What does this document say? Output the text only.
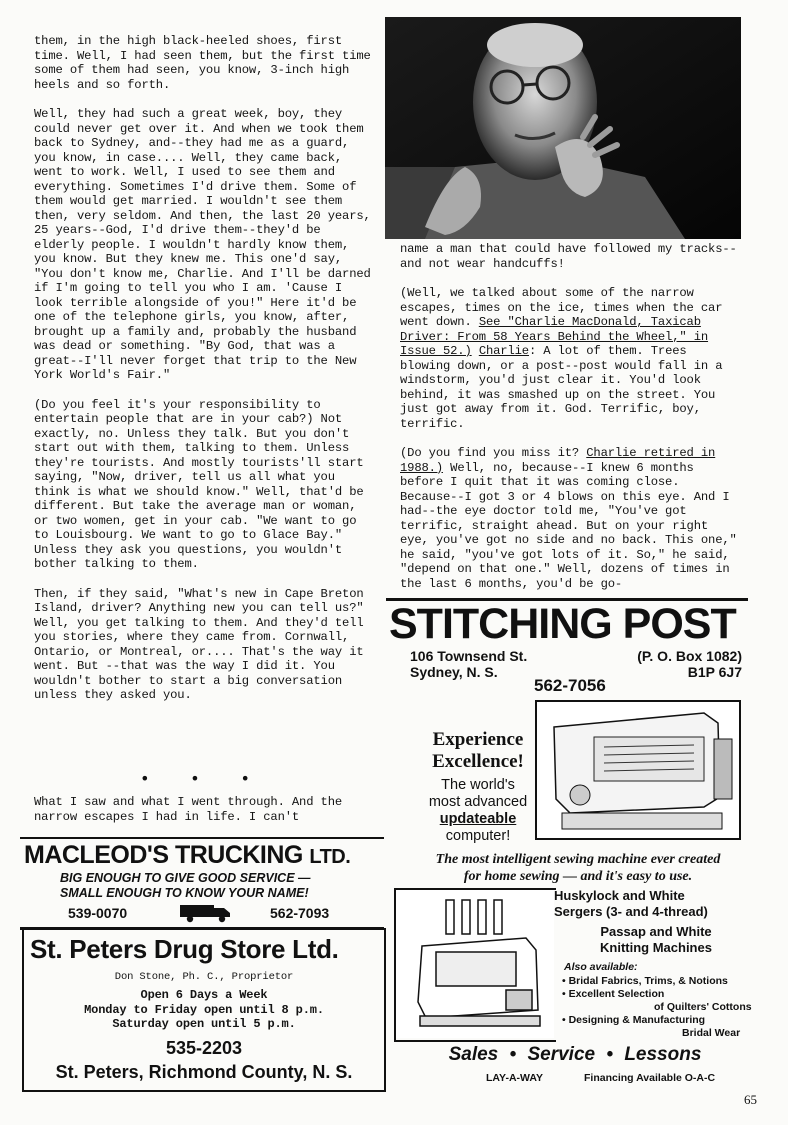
them, in the high black-heeled shoes, first time. Well, I had seen them, but the first time some of them had seen, you know, 3-inch high heels and so forth.

Well, they had such a great week, boy, they could never get over it. And when we took them back to Sydney, and--they had me as a guard, you know, in case.... Well, they came back, went to work. Well, I used to see them and everything. Sometimes I'd drive them. Some of them would get married. I wouldn't see them then, very seldom. And then, the last 20 years, 25 years--God, I'd drive them--they'd be elderly people. I wouldn't hardly know them, you know. But they knew me. This one'd say, "You don't know me, Charlie. And I'll be darned if I'm going to tell you who I am. 'Cause I look terrible alongside of you!" Here it'd be one of the telephone girls, you know, after, brought up a family and, probably the husband was dead or something. "By God, that was a great--I'll never forget that trip to the New York World's Fair."

(Do you feel it's your responsibility to entertain people that are in your cab?) Not exactly, no. Unless they talk. But you don't start out with them, talking to them. Unless they're tourists. And mostly tourists'll start saying, "Now, driver, tell us all what you think is what we should know." Well, that'd be different. But take the average man or woman, or two women, get in your cab. "We want to go to Louisbourg. We want to go to Glace Bay." Unless they ask you questions, you wouldn't bother talking to them.

Then, if they said, "What's new in Cape Breton Island, driver? Anything new you can tell us?" Well, you get talking to them. And they'd tell you stories, where they came from. Cornwall, Ontario, or Montreal, or.... That's the way it went. But --that was the way I did it. You wouldn't bother to start a big conversation unless they asked you.

•	•	•

What I saw and what I went through. And the narrow escapes I had in life. I can't

name a man that could have followed my tracks--and not wear handcuffs!

(Well, we talked about some of the narrow escapes, times on the ice, times when the car went down. See "Charlie MacDonald, Taxicab Driver: From 58 Years Behind the Wheel," in Issue 52.) Charlie: A lot of them. Trees blowing down, or a post--post would fall in a windstorm, you'd just clear it. You'd look behind, it was smashed up on the street. You just got away from it. God. Terrific, boy, terrific.

(Do you find you miss it? Charlie retired in 1988.) Well, no, because--I knew 6 months before I quit that it was coming close. Because--I got 3 or 4 blows on this eye. And I had--the eye doctor told me, "You've got terrific, straight ahead. But on your right eye, you've got no side and no back. This one," he said, "you've got lots of it. So," he said, "depend on that one." Well, dozens of times in the last 6 months, you'd be go-

MACLEOD'S TRUCKING LTD.
BIG ENOUGH TO GIVE GOOD SERVICE —
SMALL ENOUGH TO KNOW YOUR NAME!
539-0070	562-7093
St. Peters Drug Store Ltd.
Don Stone, Ph. C., Proprietor
Open 6 Days a Week
Monday to Friday open until 8 p.m.
Saturday open until 5 p.m.
535-2203
St. Peters, Richmond County, N. S.
STITCHING POST
106 Townsend St.
Sydney, N. S.
(P. O. Box 1082)
B1P 6J7
562-7056
Experience Excellence!
The world's
most advanced
updateable
computer!
The most intelligent sewing machine ever created
for home sewing — and it's easy to use.
Huskylock and White
Sergers (3- and 4-thread)
Passap and White
Knitting Machines
Also available:
• Bridal Fabrics, Trims, & Notions
• Excellent Selection
of Quilters' Cottons
• Designing & Manufacturing
Bridal Wear
Sales • Service • Lessons
LAY-A-WAY	Financing Available O-A-C
65
